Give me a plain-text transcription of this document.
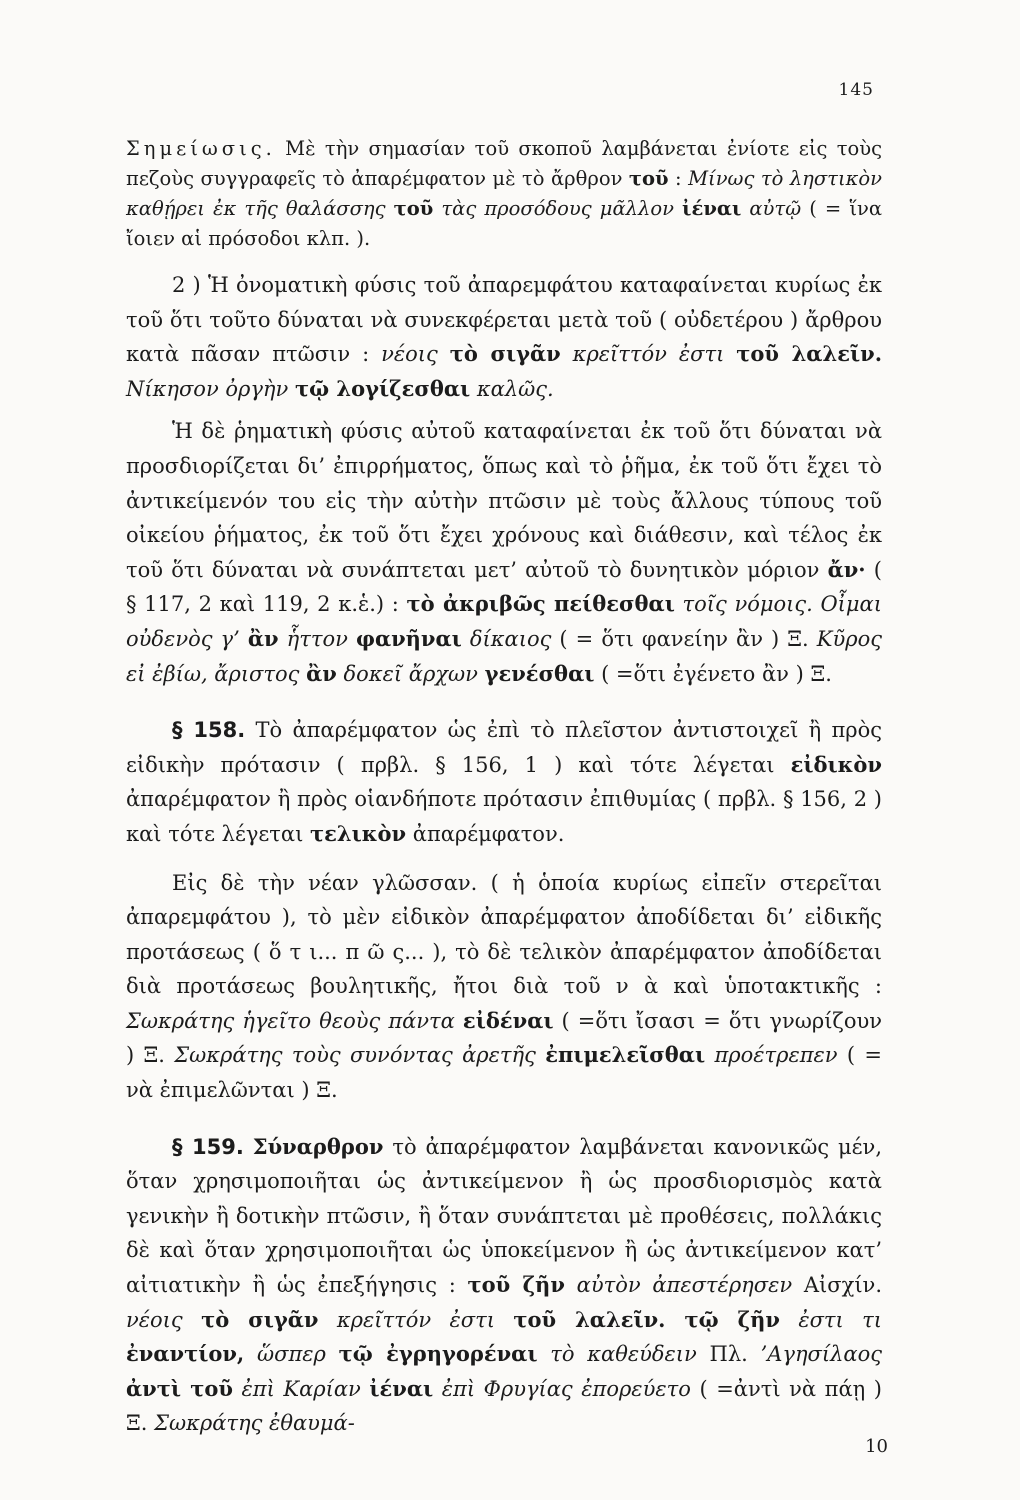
145

Σημείωσις. Μὲ τὴν σημασίαν τοῦ σκοποῦ λαμβάνεται ἐνίοτε εἰς τοὺς πεζοὺς συγγραφεῖς τὸ ἀπαρέμφατον μὲ τὸ ἄρθρον τοῦ : Μίνως τὸ ληστικὸν καθῄρει ἐκ τῆς θαλάσσης τοῦ τὰς προσόδους μᾶλλον ἰέναι αὐτῷ ( = ἵνα ἴοιεν αἱ πρόσοδοι κλπ. ).

2 ) Ἡ ὀνοματικὴ φύσις τοῦ ἀπαρεμφάτου καταφαίνεται κυρίως ἐκ τοῦ ὅτι τοῦτο δύναται νὰ συνεκφέρεται μετὰ τοῦ ( οὐδετέρου ) ἄρθρου κατὰ πᾶσαν πτῶσιν : νέοις τὸ σιγᾶν κρεῖττόν ἐστι τοῦ λαλεῖν. Νίκησον ὀργὴν τῷ λογίζεσθαι καλῶς.

Ἡ δὲ ῥηματικὴ φύσις αὐτοῦ καταφαίνεται ἐκ τοῦ ὅτι δύναται νὰ προσδιορίζεται δι’ ἐπιρρήματος, ὅπως καὶ τὸ ῥῆμα, ἐκ τοῦ ὅτι ἔχει τὸ ἀντικείμενόν του εἰς τὴν αὐτὴν πτῶσιν μὲ τοὺς ἄλλους τύπους τοῦ οἰκείου ῥήματος, ἐκ τοῦ ὅτι ἔχει χρόνους καὶ διάθεσιν, καὶ τέλος ἐκ τοῦ ὅτι δύναται νὰ συνάπτεται μετ’ αὐτοῦ τὸ δυνητικὸν μόριον ἄν· ( § 117, 2 καὶ 119, 2 κ.ἑ.) : τὸ ἀκριβῶς πείθεσθαι τοῖς νόμοις. Οἶμαι οὐδενὸς γ’ ἂν ἧττον φανῆναι δίκαιος ( = ὅτι φανείην ἂν ) Ξ. Κῦρος εἰ ἐβίω, ἄριστος ἂν δοκεῖ ἄρχων γενέσθαι ( =ὅτι ἐγένετο ἂν ) Ξ.

§ 158. Τὸ ἀπαρέμφατον ὡς ἐπὶ τὸ πλεῖστον ἀντιστοιχεῖ ἢ πρὸς εἰδικὴν πρότασιν ( πρβλ. § 156, 1 ) καὶ τότε λέγεται εἰδικὸν ἀπαρέμφατον ἢ πρὸς οἱανδήποτε πρότασιν ἐπιθυμίας ( πρβλ. § 156, 2 ) καὶ τότε λέγεται τελικὸν ἀπαρέμφατον.

Εἰς δὲ τὴν νέαν γλῶσσαν. ( ἡ ὁποία κυρίως εἰπεῖν στερεῖται ἀπαρεμφάτου ), τὸ μὲν εἰδικὸν ἀπαρέμφατον ἀποδίδεται δι’ εἰδικῆς προτάσεως ( ὅ τ ι... π ῶ ς... ), τὸ δὲ τελικὸν ἀπαρέμφατον ἀποδίδεται διὰ προτάσεως βουλητικῆς, ἤτοι διὰ τοῦ ν ὰ καὶ ὑποτακτικῆς : Σωκράτης ἡγεῖτο θεοὺς πάντα εἰδέναι ( =ὅτι ἴσασι = ὅτι γνωρίζουν ) Ξ. Σωκράτης τοὺς συνόντας ἀρετῆς ἐπιμελεῖσθαι προέτρεπεν ( = νὰ ἐπιμελῶνται ) Ξ.

§ 159. Σύναρθρον τὸ ἀπαρέμφατον λαμβάνεται κανονικῶς μέν, ὅταν χρησιμοποιῆται ὡς ἀντικείμενον ἢ ὡς προσδιορισμὸς κατὰ γενικὴν ἢ δοτικὴν πτῶσιν, ἢ ὅταν συνάπτεται μὲ προθέσεις, πολλάκις δὲ καὶ ὅταν χρησιμοποιῆται ὡς ὑποκείμενον ἢ ὡς ἀντικείμενον κατ’ αἰτιατικὴν ἢ ὡς ἐπεξήγησις : τοῦ ζῆν αὐτὸν ἀπεστέρησεν Αἰσχίν. νέοις τὸ σιγᾶν κρεῖττόν ἐστι τοῦ λαλεῖν. τῷ ζῆν ἐστι τι ἐναντίον, ὥσπερ τῷ ἐγρηγορέναι τὸ καθεύδειν Πλ. ’Αγησίλαος ἀντὶ τοῦ ἐπὶ Καρίαν ἰέναι ἐπὶ Φρυγίας ἐπορεύετο ( =ἀντὶ νὰ πάῃ ) Ξ. Σωκράτης ἐθαυμά-

10
